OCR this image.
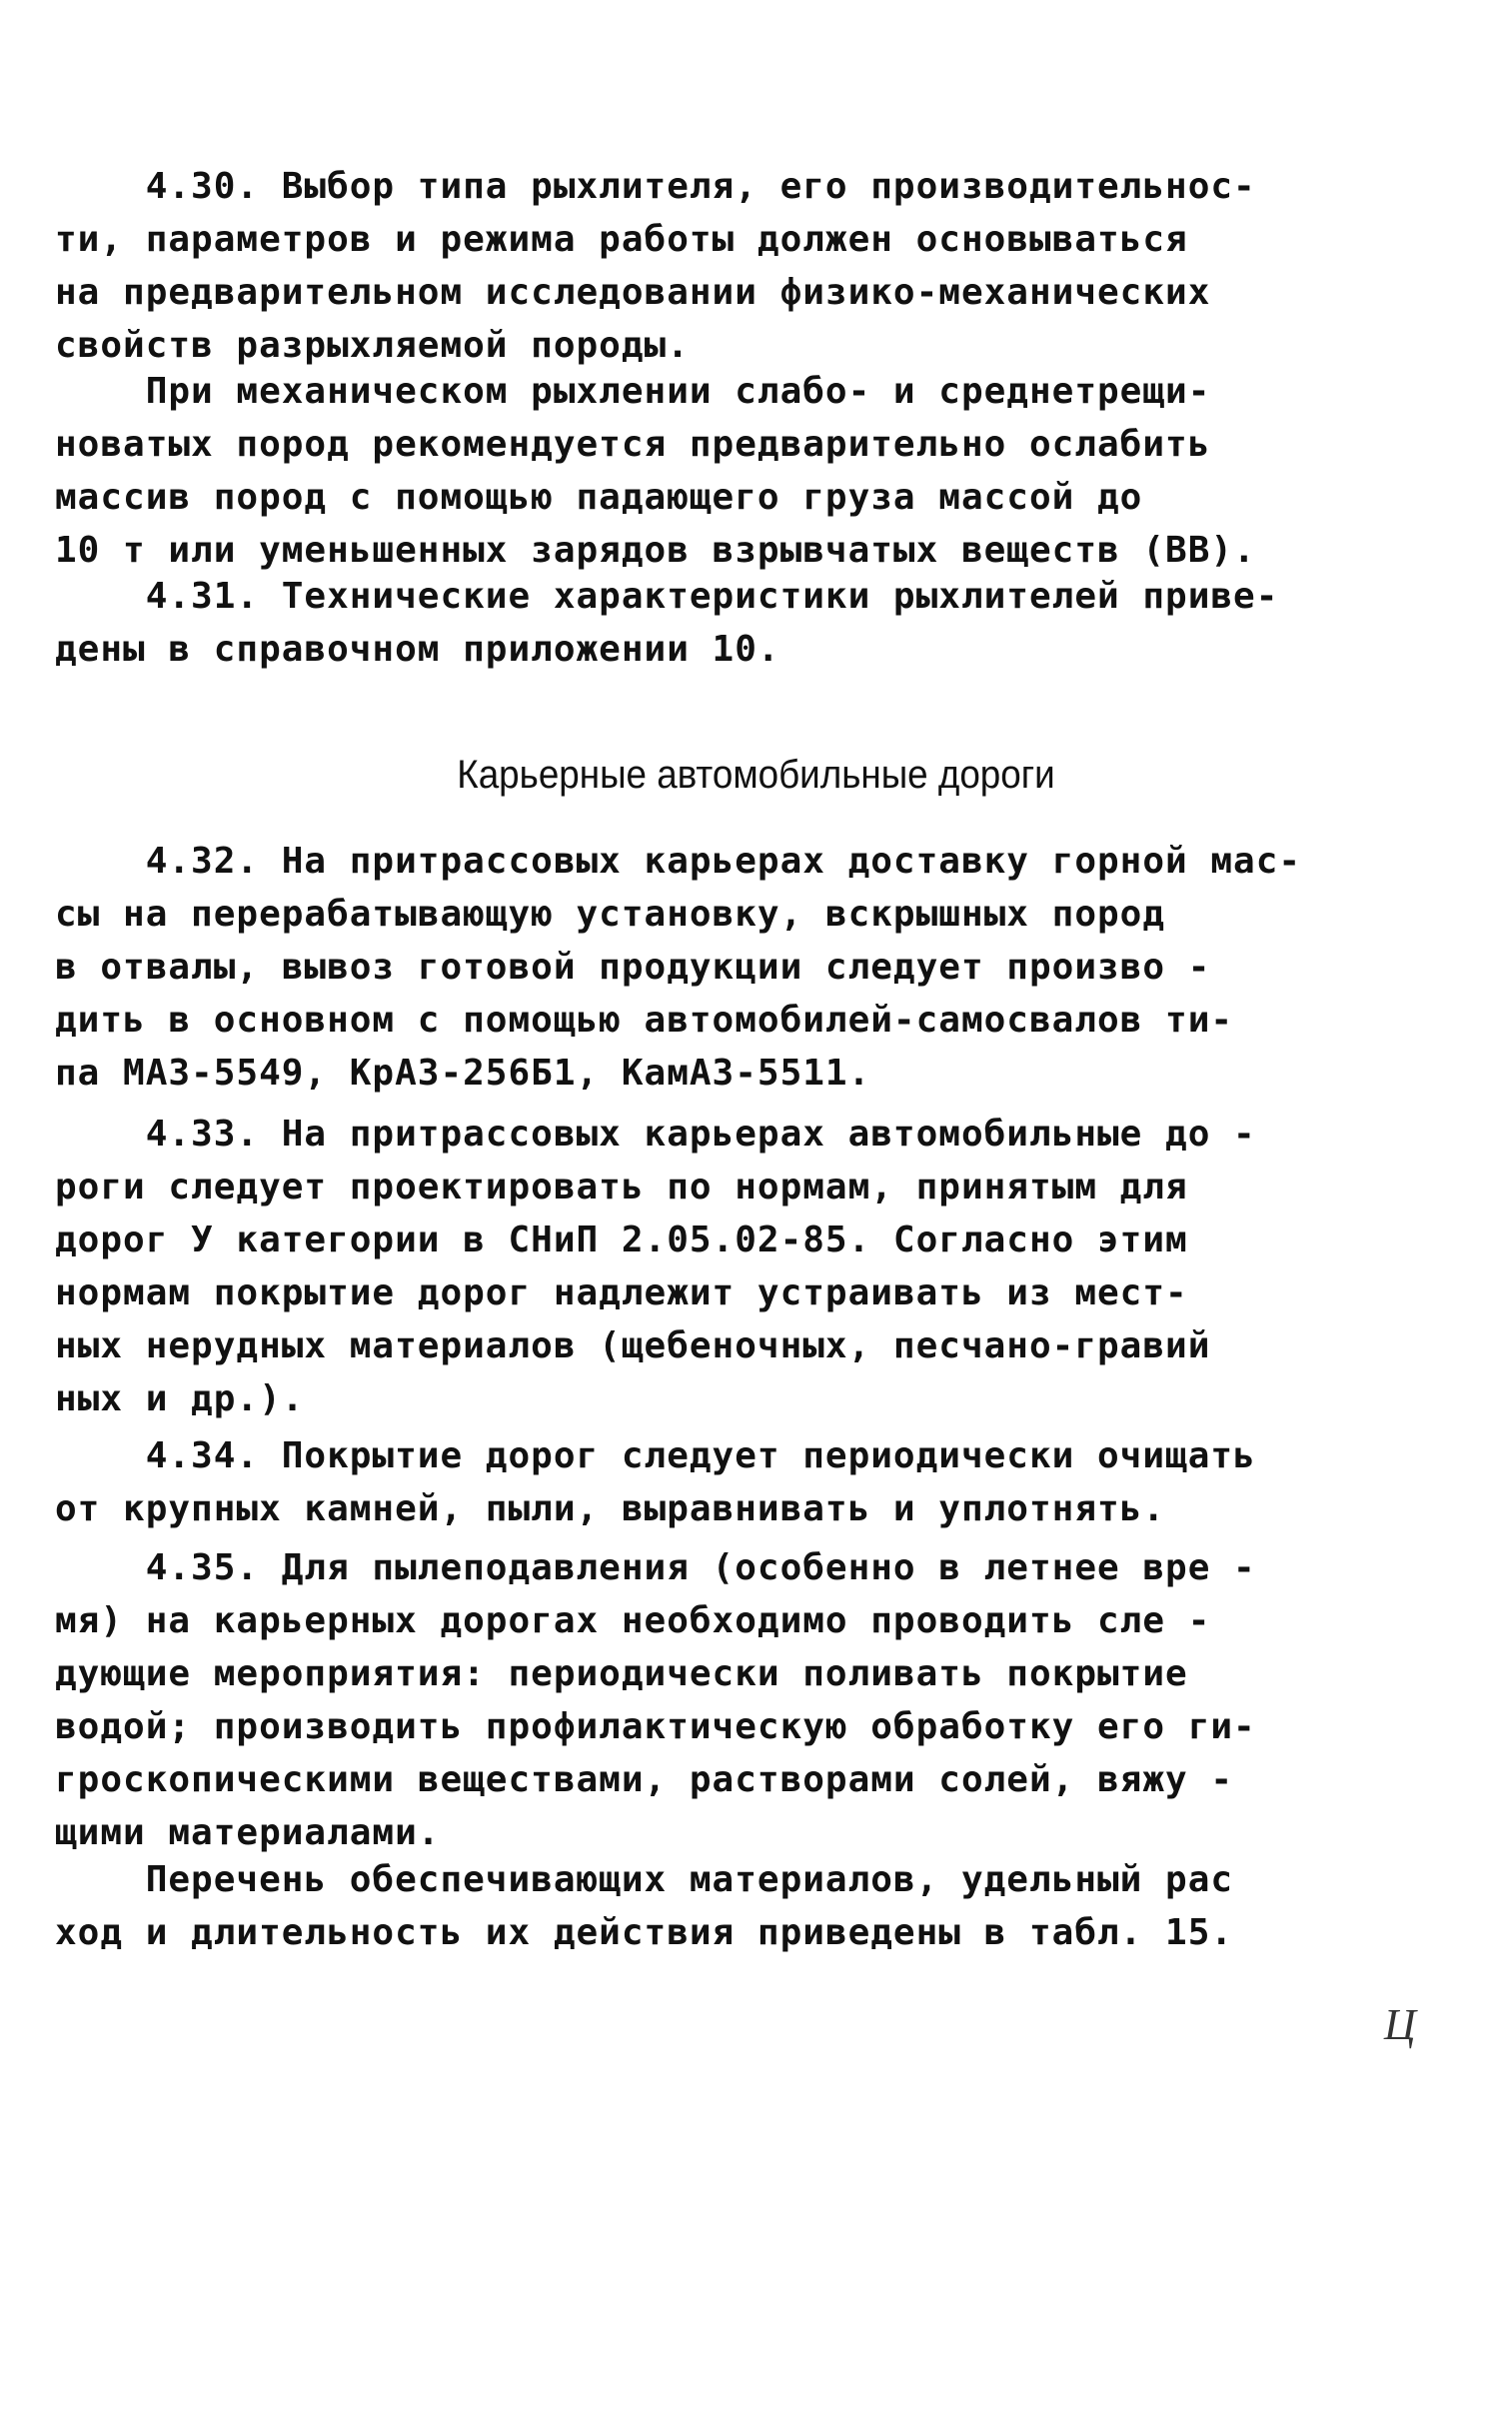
4.30. Выбор типа рыхлителя, его производительнос-
ти, параметров и режима работы должен основываться
на предварительном исследовании физико-механических
свойств разрыхляемой породы.
При механическом рыхлении слабо- и среднетрещи-
новатых пород рекомендуется предварительно ослабить
массив пород с помощью падающего груза массой до
10 т или уменьшенных зарядов взрывчатых веществ (ВВ).
4.31. Технические характеристики рыхлителей приве-
дены в справочном приложении 10.
Карьерные автомобильные дороги
4.32. На притрассовых карьерах доставку горной мас-
сы на перерабатывающую установку, вскрышных пород
в отвалы, вывоз готовой продукции следует произво -
дить в основном с помощью автомобилей-самосвалов ти-
па МАЗ-5549, КрАЗ-256Б1, КамАЗ-5511.
4.33. На притрассовых карьерах автомобильные до -
роги следует проектировать по нормам, принятым для
дорог У категории в СНиП 2.05.02-85. Согласно этим
нормам покрытие дорог надлежит устраивать из мест-
ных нерудных материалов (щебеночных, песчано-гравий
ных и др.).
4.34. Покрытие дорог следует периодически очищать
от крупных камней, пыли, выравнивать и уплотнять.
4.35. Для пылеподавления (особенно в летнее вре -
мя) на карьерных дорогах необходимо проводить сле -
дующие мероприятия: периодически поливать покрытие
водой; производить профилактическую обработку его ги-
гроскопическими веществами, растворами солей, вяжу -
щими материалами.
Перечень обеспечивающих материалов, удельный рас
ход и длительность их действия приведены в табл. 15.
Ц
